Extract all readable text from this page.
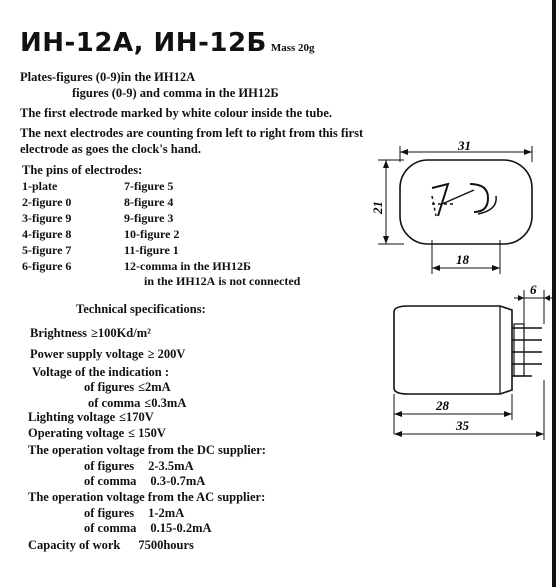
ИН-12А, ИН-12Б Mass 20g
Plates-figures (0-9)in the ИН12А
figures (0-9) and comma in the ИН12Б
The first electrode marked by white colour inside the tube.
The next electrodes are counting from left to right from this first
electrode as goes the clock's hand.
The pins of electrodes:
1-plate
2-figure 0
3-figure 9
4-figure 8
5-figure 7
6-figure 6
7-figure 5
8-figure 4
9-figure 3
10-figure 2
11-figure 1
12-comma in the ИН12Б
in the ИН12А is not connected
Technical specifications:
Brightness ≥100Kd/m²
Power supply voltage ≥ 200V
Voltage of the indication :
of figures ≤2mA
of comma ≤0.3mA
Lighting voltage ≤170V
Operating voltage ≤ 150V
The operation voltage from the DC supplier:
of figures 2-3.5mA
of comma 0.3-0.7mA
The operation voltage from the AC supplier:
of figures 1-2mA
of comma 0.15-0.2mA
Capacity of work 7500hours
31
21
18
6
28
35
